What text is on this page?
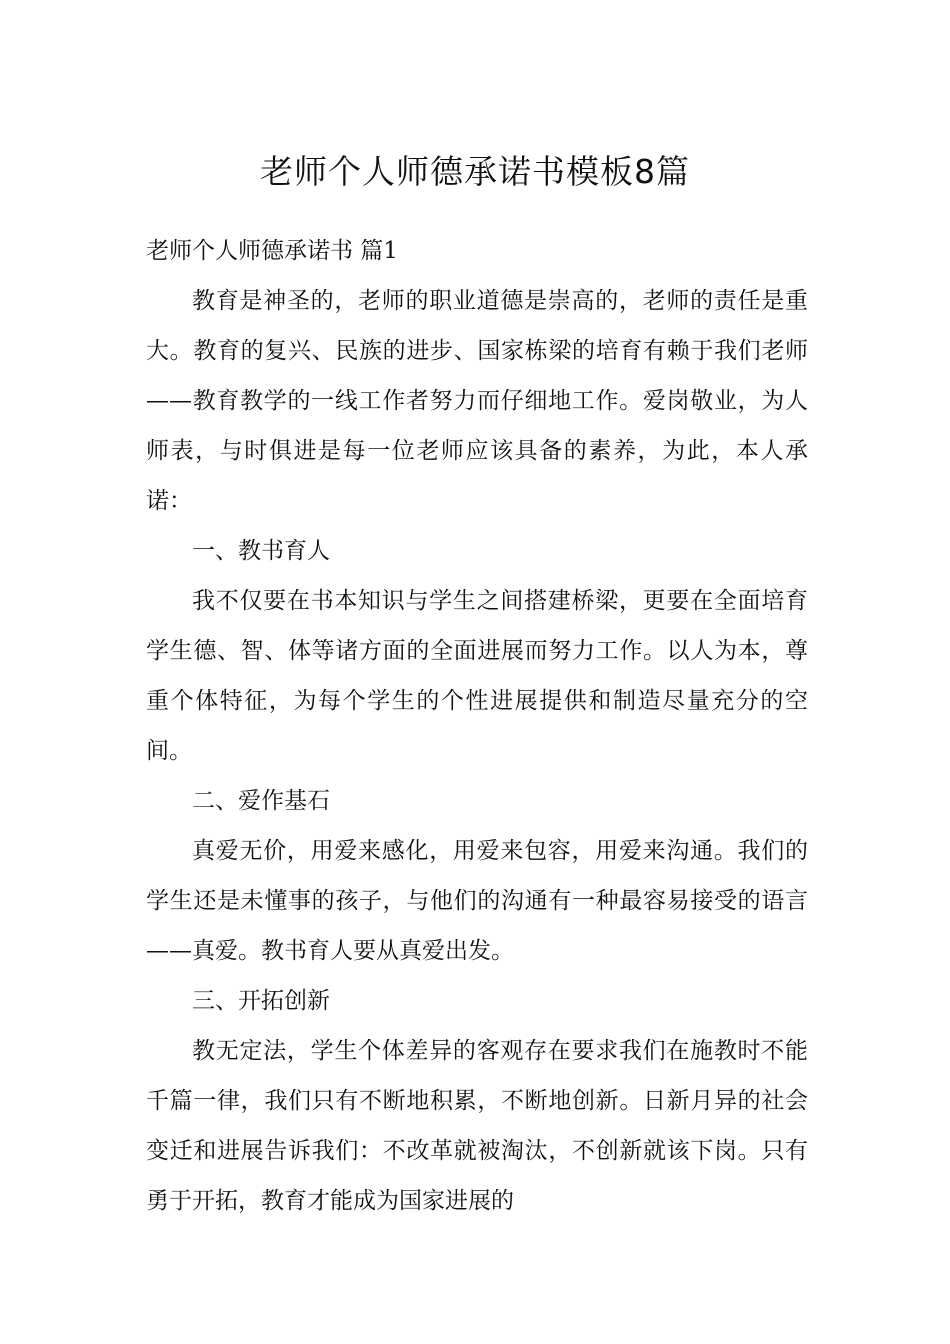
老师个人师德承诺书模板8篇

老师个人师德承诺书 篇1

教育是神圣的，老师的职业道德是崇高的，老师的责任是重大。教育的复兴、民族的进步、国家栋梁的培育有赖于我们老师——教育教学的一线工作者努力而仔细地工作。爱岗敬业，为人师表，与时俱进是每一位老师应该具备的素养，为此，本人承诺：

一、教书育人

我不仅要在书本知识与学生之间搭建桥梁，更要在全面培育学生德、智、体等诸方面的全面进展而努力工作。以人为本，尊重个体特征，为每个学生的个性进展提供和制造尽量充分的空间。

二、爱作基石

真爱无价，用爱来感化，用爱来包容，用爱来沟通。我们的学生还是未懂事的孩子，与他们的沟通有一种最容易接受的语言——真爱。教书育人要从真爱出发。

三、开拓创新

教无定法，学生个体差异的客观存在要求我们在施教时不能千篇一律，我们只有不断地积累，不断地创新。日新月异的社会变迁和进展告诉我们：不改革就被淘汰，不创新就该下岗。只有勇于开拓，教育才能成为国家进展的
